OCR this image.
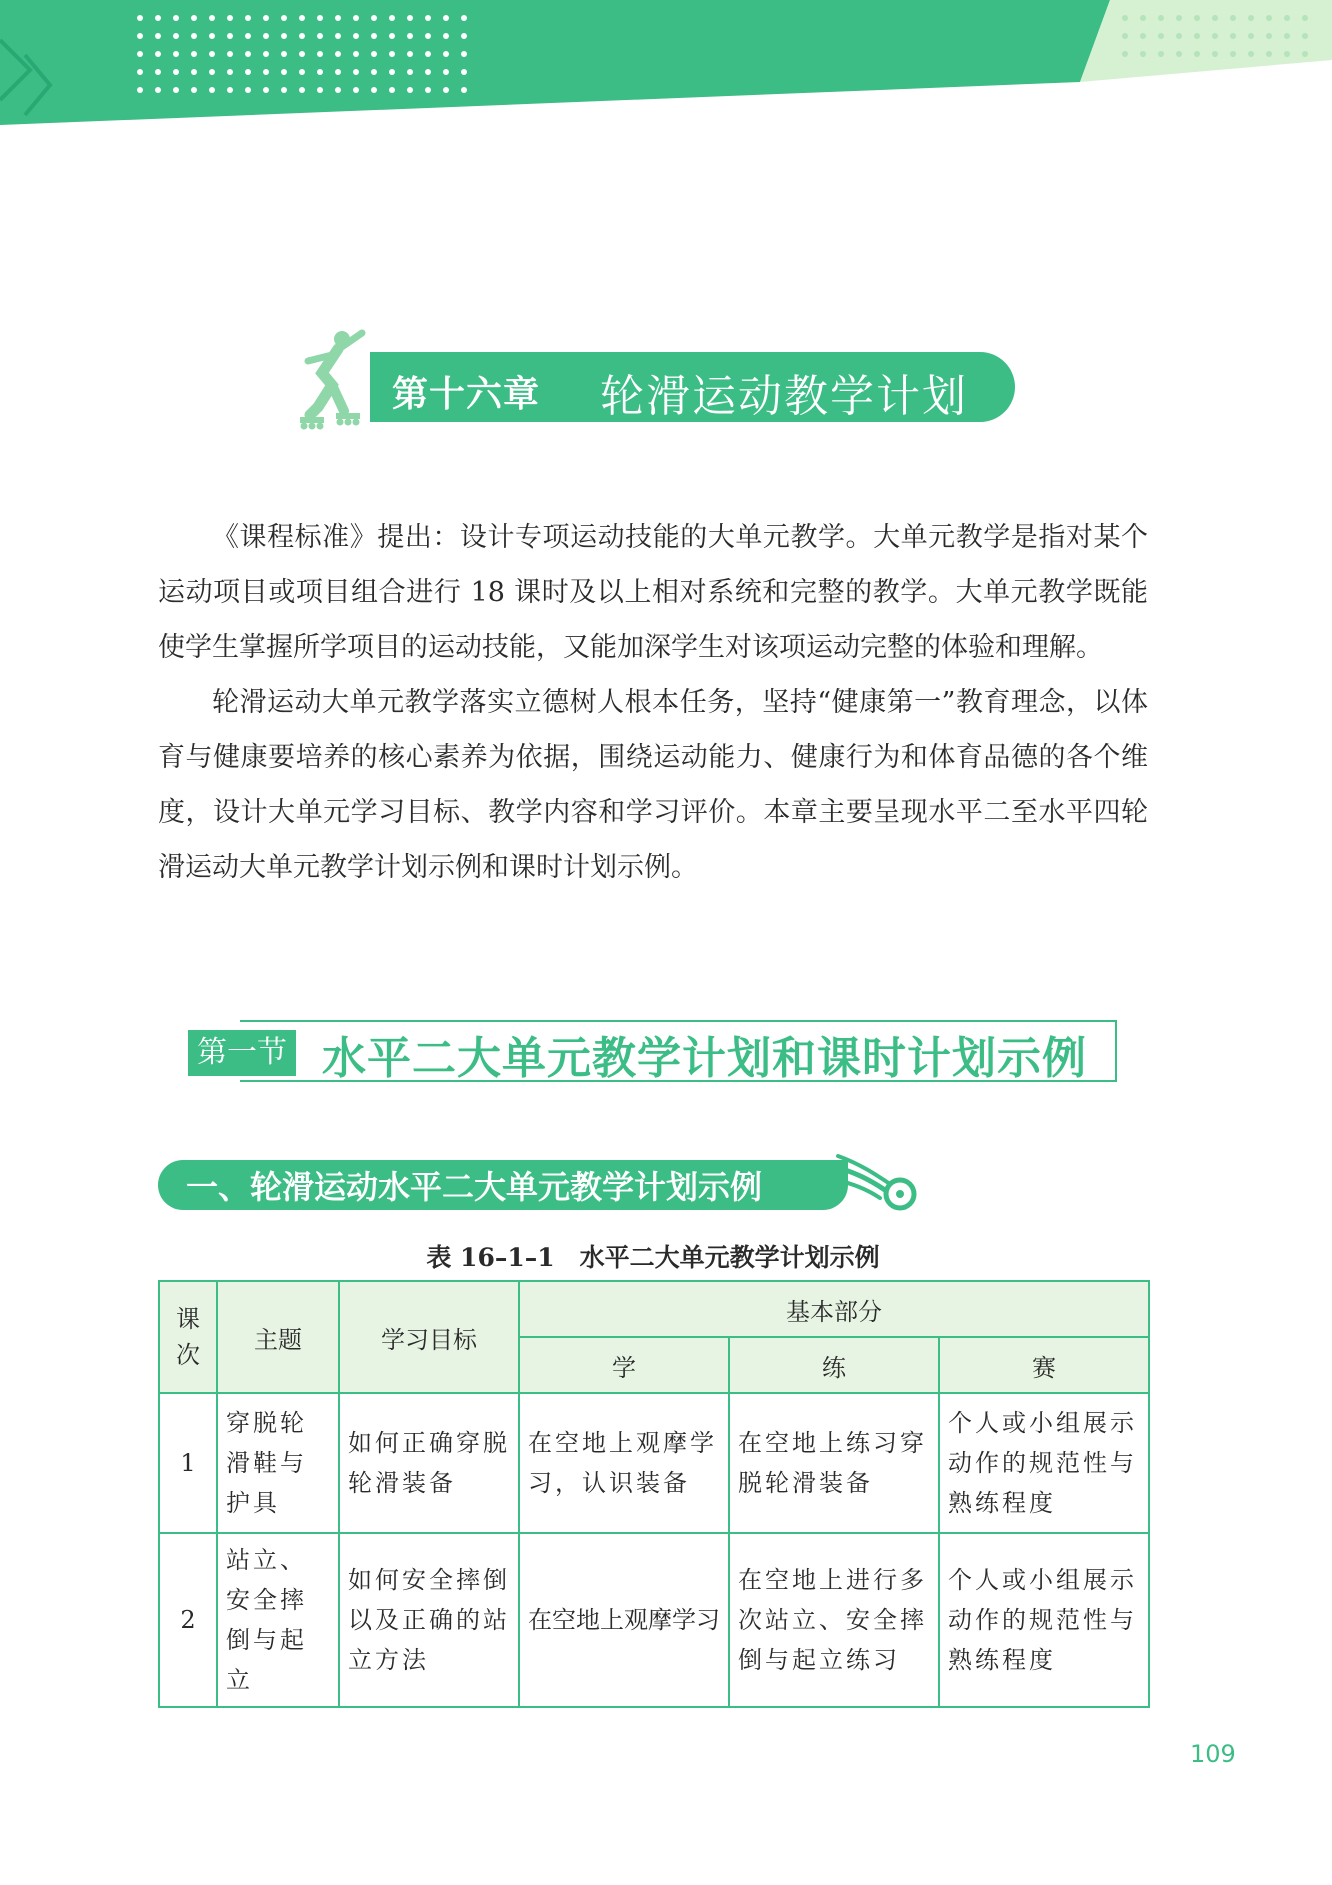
第十六章 轮滑运动教学计划

《课程标准》提出：设计专项运动技能的大单元教学。大单元教学是指对某个运动项目或项目组合进行 18 课时及以上相对系统和完整的教学。大单元教学既能使学生掌握所学项目的运动技能，又能加深学生对该项运动完整的体验和理解。

轮滑运动大单元教学落实立德树人根本任务，坚持“健康第一”教育理念，以体育与健康要培养的核心素养为依据，围绕运动能力、健康行为和体育品德的各个维度，设计大单元学习目标、教学内容和学习评价。本章主要呈现水平二至水平四轮滑运动大单元教学计划示例和课时计划示例。

第一节 水平二大单元教学计划和课时计划示例
一、轮滑运动水平二大单元教学计划示例
表 16–1–1　水平二大单元教学计划示例
课次	主题	学习目标	基本部分		
			学	练	赛
1	穿脱轮滑鞋与护具	如何正确穿脱轮滑装备	在空地上观摩学习，认识装备	在空地上练习穿脱轮滑装备	个人或小组展示动作的规范性与熟练程度
2	站立、安全摔倒与起立	如何安全摔倒以及正确的站立方法	在空地上观摩学习	在空地上进行多次站立、安全摔倒与起立练习	个人或小组展示动作的规范性与熟练程度
109
